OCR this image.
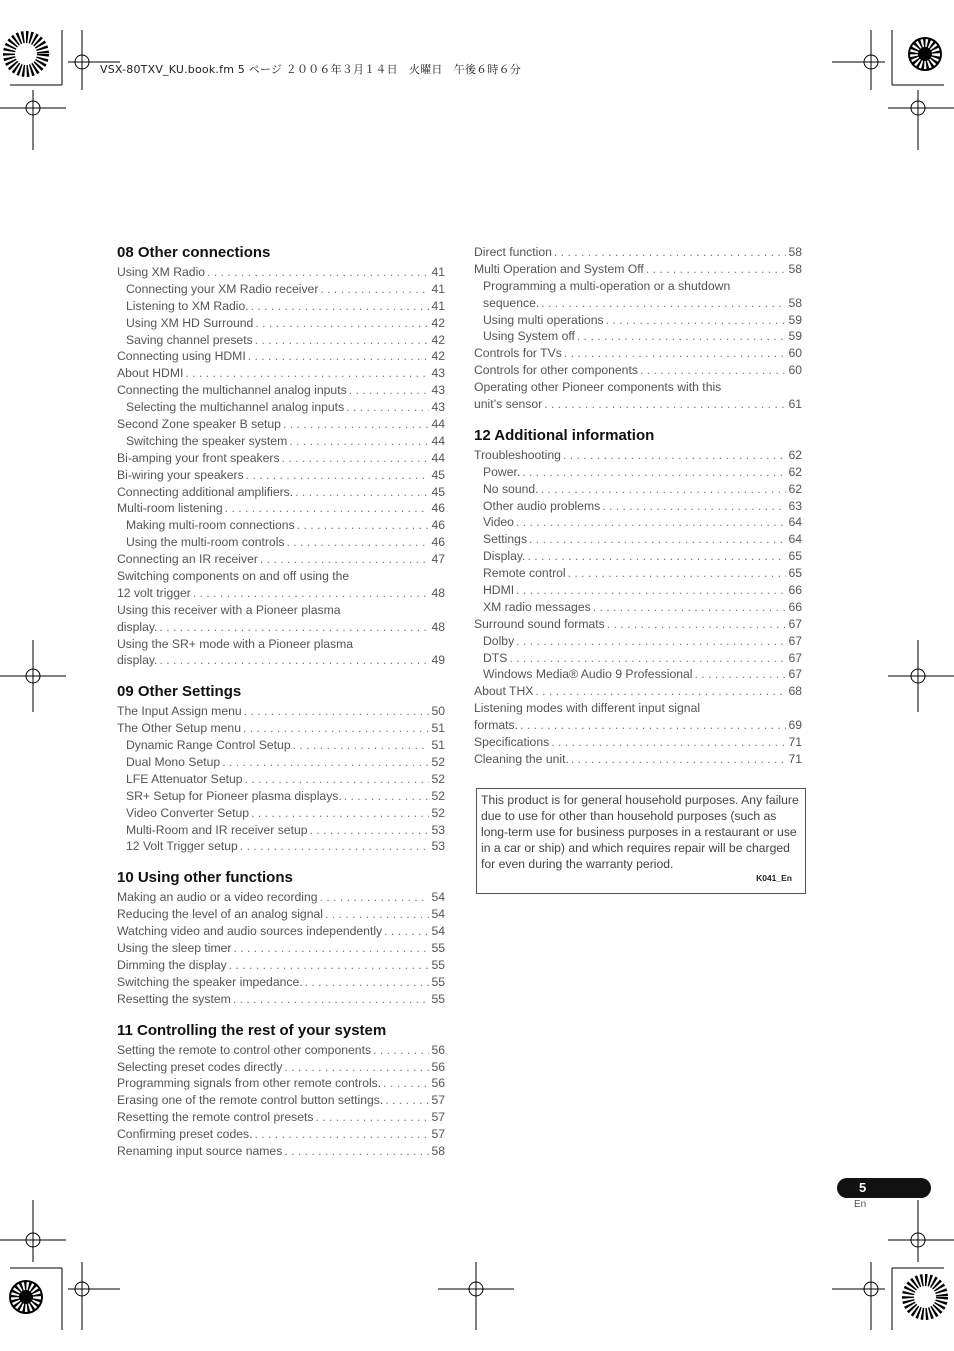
VSX-80TXV_KU.book.fm 5 ページ ２００６年３月１４日　火曜日　午後６時６分
08 Other connections
Using XM Radio . . .	41
Connecting your XM Radio receiver . . .	41
Listening to XM Radio. . . .	41
Using XM HD Surround . . .	42
Saving channel presets . . .	42
Connecting using HDMI . . .	42
About HDMI . . .	43
Connecting the multichannel analog inputs . . .	43
Selecting the multichannel analog inputs . . .	43
Second Zone speaker B setup . . .	44
Switching the speaker system . . .	44
Bi-amping your front speakers . . .	44
Bi-wiring your speakers . . .	45
Connecting additional amplifiers. . . .	45
Multi-room listening . . .	46
Making multi-room connections . . .	46
Using the multi-room controls . . .	46
Connecting an IR receiver . . .	47
Switching components on and off using the
12 volt trigger . . .	48
Using this receiver with a Pioneer plasma
display. . . .	48
Using the SR+ mode with a Pioneer plasma
display. . . .	49
09 Other Settings
The Input Assign menu . . .	50
The Other Setup menu . . .	51
Dynamic Range Control Setup . . .	51
Dual Mono Setup . . .	52
LFE Attenuator Setup . . .	52
SR+ Setup for Pioneer plasma displays. . . .	52
Video Converter Setup . . .	52
Multi-Room and IR receiver setup . . .	53
12 Volt Trigger setup . . .	53
10 Using other functions
Making an audio or a video recording . . .	54
Reducing the level of an analog signal . . .	54
Watching video and audio sources independently . . .	54
Using the sleep timer . . .	55
Dimming the display . . .	55
Switching the speaker impedance. . . .	55
Resetting the system . . .	55
11 Controlling the rest of your system
Setting the remote to control other components . . .	56
Selecting preset codes directly . . .	56
Programming signals from other remote controls. . . .	56
Erasing one of the remote control button settings. . . .	57
Resetting the remote control presets . . .	57
Confirming preset codes. . . .	57
Renaming input source names . . .	58
Direct function . . .	58
Multi Operation and System Off . . .	58
Programming a multi-operation or a shutdown
sequence. . . .	58
Using multi operations . . .	59
Using System off . . .	59
Controls for TVs . . .	60
Controls for other components . . .	60
Operating other Pioneer components with this
unit’s sensor . . .	61
12 Additional information
Troubleshooting . . .	62
Power. . . .	62
No sound. . . .	62
Other audio problems . . .	63
Video . . .	64
Settings . . .	64
Display. . . .	65
Remote control . . .	65
HDMI . . .	66
XM radio messages . . .	66
Surround sound formats . . .	67
Dolby . . .	67
DTS . . .	67
Windows Media® Audio 9 Professional . . .	67
About THX . . .	68
Listening modes with different input signal
formats. . . .	69
Specifications . . .	71
Cleaning the unit. . . .	71
This product is for general household purposes. Any failure due to use for other than household purposes (such as long-term use for business purposes in a restaurant or use in a car or ship) and which requires repair will be charged for even during the warranty period.
K041_En
5
En
